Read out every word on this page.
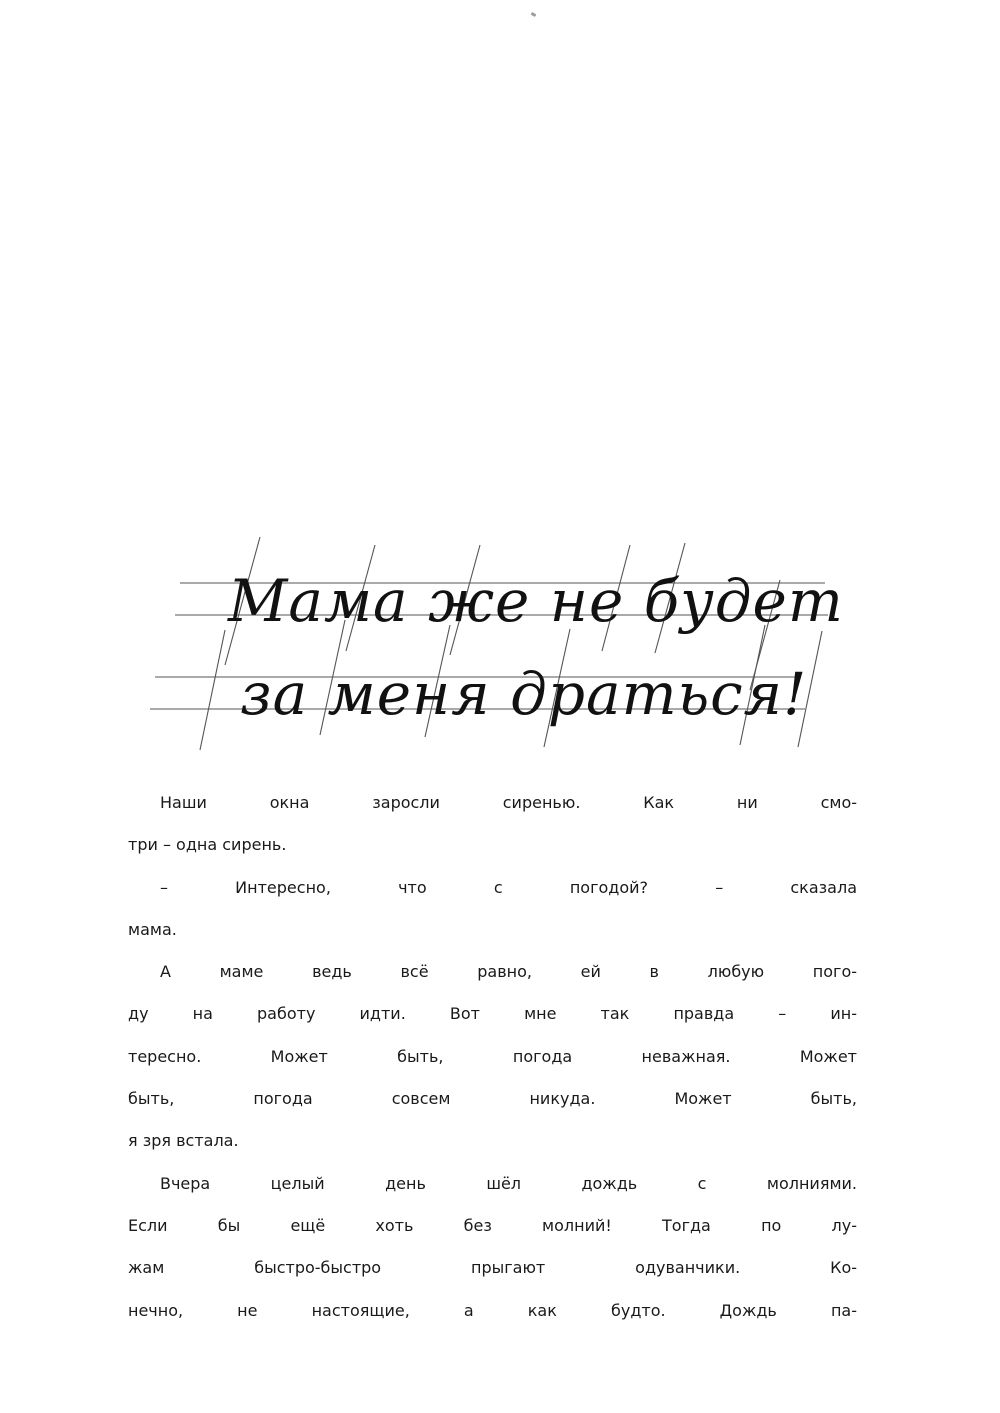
Мама же не будет
за меня драться!
Наши окна заросли сиренью. Как ни смо-
три – одна сирень.
– Интересно, что с погодой? – сказала
мама.
А маме ведь всё равно, ей в любую пого-
ду на работу идти. Вот мне так правда – ин-
тересно. Может быть, погода неважная. Может
быть, погода совсем никуда. Может быть,
я зря встала.
Вчера целый день шёл дождь с молниями.
Если бы ещё хоть без молний! Тогда по лу-
жам быстро-быстро прыгают одуванчики. Ко-
нечно, не настоящие, а как будто. Дождь па-
